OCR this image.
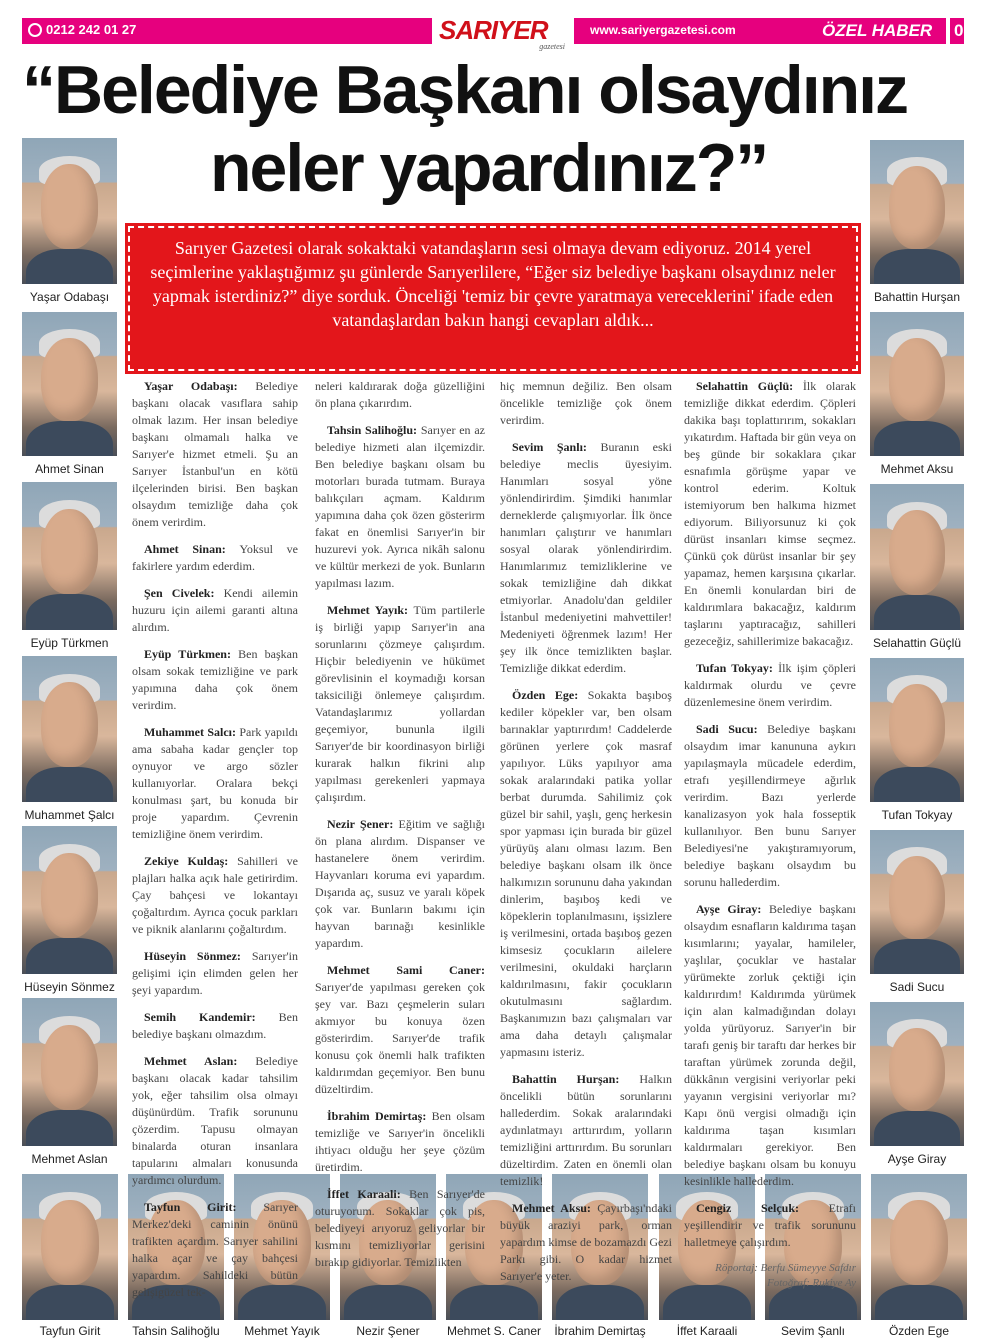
0212 242 01 27	SARIYER
gazetesi
www.sariyergazetesi.com	ÖZEL HABER 03
“Belediye Başkanı olsaydınız
neler yapardınız?”
Sarıyer Gazetesi olarak sokaktaki vatandaşların sesi olmaya devam ediyoruz. 2014 yerel seçimlerine yaklaştığımız şu günlerde Sarıyerlilere, “Eğer siz belediye başkanı olsaydınız neler yapmak isterdiniz?” diye sorduk. Önceliği 'temiz bir çevre yaratmaya vereceklerini' ifade eden vatandaşlardan bakın hangi cevapları aldık...
Yaşar Odabaşı
Ahmet Sinan
Eyüp Türkmen
Muhammet Şalcı
Hüseyin Sönmez
Mehmet Aslan
Bahattin Hurşan
Mehmet Aksu
Selahattin Güçlü
Tufan Tokyay
Sadi Sucu
Ayşe Giray
Tayfun Girit	Tahsin Salihoğlu	Mehmet Yayık	Nezir Şener	Mehmet S. Caner	İbrahim Demirtaş	İffet Karaali	Sevim Şanlı	Özden Ege

Yaşar Odabaşı: Belediye başkanı olacak vasıflara sahip olmak lazım. Her insan belediye başkanı olmamalı halka ve Sarıyer'e hizmet etmeli. Şu an Sarıyer İstanbul'un en kötü ilçelerinden birisi. Ben başkan olsaydım temizliğe daha çok önem verirdim.

Ahmet Sinan: Yoksul ve fakirlere yardım ederdim.

Şen Civelek: Kendi ailemin huzuru için ailemi garanti altına alırdım.

Eyüp Türkmen: Ben başkan olsam sokak temizliğine ve park yapımına daha çok önem verirdim.

Muhammet Salcı: Park yapıldı ama sabaha kadar gençler top oynuyor ve argo sözler kullanıyorlar. Oralara bekçi konulması şart, bu konuda bir proje yapardım. Çevrenin temizliğine önem verirdim.

Zekiye Kuldaş: Sahilleri ve plajları halka açık hale getirirdim. Çay bahçesi ve lokantayı çoğaltırdım. Ayrıca çocuk parkları ve piknik alanlarını çoğaltırdım.

Hüseyin Sönmez: Sarıyer'in gelişimi için elimden gelen her şeyi yapardım.

Semih Kandemir: Ben belediye başkanı olmazdım.

Mehmet Aslan: Belediye başkanı olacak kadar tahsilim yok, eğer tahsilim olsa olmayı düşünürdüm. Trafik sorununu çözerdim. Tapusu olmayan binalarda oturan insanlara tapularını almaları konusunda yardımcı olurdum.

Tayfun Girit: Sarıyer Merkez'deki caminin önünü trafikten açardım. Sarıyer sahilini halka açar ve çay bahçesi yapardım. Sahildeki bütün gelişigüzel tek-

neleri kaldırarak doğa güzelliğini ön plana çıkarırdım.

Tahsin Salihoğlu: Sarıyer en az belediye hizmeti alan ilçemizdir. Ben belediye başkanı olsam bu motorları burada tutmam. Buraya balıkçıları açmam. Kaldırım yapımına daha çok özen gösterirm fakat en önemlisi Sarıyer'in bir huzurevi yok. Ayrıca nikâh salonu ve kültür merkezi de yok. Bunların yapılması lazım.

Mehmet Yayık: Tüm partilerle iş birliği yapıp Sarıyer'in ana sorunlarını çözmeye çalışırdım. Hiçbir belediyenin ve hükümet görevlisinin el koymadığı korsan taksiciliği önlemeye çalışırdım. Vatandaşlarımız yollardan geçemiyor, bununla ilgili Sarıyer'de bir koordinasyon birliği kurarak halkın fikrini alıp yapılması gerekenleri yapmaya çalışırdım.

Nezir Şener: Eğitim ve sağlığı ön plana alırdım. Dispanser ve hastanelere önem verirdim. Hayvanları koruma evi yapardım. Dışarıda aç, susuz ve yaralı köpek çok var. Bunların bakımı için hayvan barınağı kesinlikle yapardım.

Mehmet Sami Caner: Sarıyer'de yapılması gereken çok şey var. Bazı çeşmelerin suları akmıyor bu konuya özen gösterirdim. Sarıyer'de trafik konusu çok önemli halk trafikten kaldırımdan geçemiyor. Ben bunu düzeltirdim.

İbrahim Demirtaş: Ben olsam temizliğe ve Sarıyer'in öncelikli ihtiyacı olduğu her şeye çözüm üretirdim.

İffet Karaali: Ben Sarıyer'de oturuyorum. Sokaklar çok pis, belediyeyi arıyoruz geliyorlar bir kısmını temizliyorlar gerisini bırakıp gidiyorlar. Temizlikten

hiç memnun değiliz. Ben olsam öncelikle temizliğe çok önem verirdim.

Sevim Şanlı: Buranın eski belediye meclis üyesiyim. Hanımları sosyal yöne yönlendirirdim. Şimdiki hanımlar derneklerde çalışmıyorlar. İlk önce hanımları çalıştırır ve hanımları sosyal olarak yönlendirirdim. Hanımlarımız temizliklerine ve sokak temizliğine dah dikkat etmiyorlar. Anadolu'dan geldiler İstanbul medeniyetini mahvettiler! Medeniyeti öğrenmek lazım! Her şey ilk önce temizlikten başlar. Temizliğe dikkat ederdim.

Özden Ege: Sokakta başıboş kediler köpekler var, ben olsam barınaklar yaptırırdım! Caddelerde görünen yerlere çok masraf yapılıyor. Lüks yapılıyor ama sokak aralarındaki patika yollar berbat durumda. Sahilimiz çok güzel bir sahil, yaşlı, genç herkesin spor yapması için burada bir güzel yürüyüş alanı olması lazım. Ben belediye başkanı olsam ilk önce halkımızın sorununu daha yakından dinlerim, başıboş kedi ve köpeklerin toplanılmasını, işsizlere iş verilmesini, ortada başıboş gezen kimsesiz çocukların ailelere verilmesini, okuldaki harçların kaldırılmasını, fakir çocukların okutulmasını sağlardım. Başkanımızın bazı çalışmaları var ama daha detaylı çalışmalar yapmasını isteriz.

Bahattin Hurşan: Halkın öncelikli bütün sorunlarını hallederdim. Sokak aralarındaki aydınlatmayı arttırırdım, yolların temizliğini arttırırdım. Bu sorunları düzeltirdim. Zaten en önemli olan temizlik!

Mehmet Aksu: Çayırbaşı'ndaki büyük araziyi park, orman yapardım kimse de bozamazdı Gezi Parkı gibi. O kadar hizmet Sarıyer'e yeter.

Selahattin Güçlü: İlk olarak temizliğe dikkat ederdim. Çöpleri dakika başı toplattırırım, sokakları yıkatırdım. Haftada bir gün veya on beş günde bir sokaklara çıkar esnafımla görüşme yapar ve kontrol ederim. Koltuk istemiyorum ben halkıma hizmet ediyorum. Biliyorsunuz ki çok dürüst insanları kimse seçmez. Çünkü çok dürüst insanlar bir şey yapamaz, hemen karşısına çıkarlar. En önemli konulardan biri de kaldırımlara bakacağız, kaldırım taşlarını yaptıracağız, sahilleri gezeceğiz, sahillerimize bakacağız.

Tufan Tokyay: İlk işim çöpleri kaldırmak olurdu ve çevre düzenlemesine önem verirdim.

Sadi Sucu: Belediye başkanı olsaydım imar kanununa aykırı yapılaşmayla mücadele ederdim, etrafı yeşillendirmeye ağırlık verirdim. Bazı yerlerde kanalizasyon yok hala fosseptik kullanılıyor. Ben bunu Sarıyer Belediyesi'ne yakıştıramıyorum, belediye başkanı olsaydım bu sorunu hallederdim.

Ayşe Giray: Belediye başkanı olsaydım esnafların kaldırıma taşan kısımlarını; yayalar, hamileler, yaşlılar, çocuklar ve hastalar yürümekte zorluk çektiği için kaldırırdım! Kaldırımda yürümek için alan kalmadığından dolayı yolda yürüyoruz. Sarıyer'in bir tarafı geniş bir taraftı dar herkes bir taraftan yürümek zorunda değil, dükkânın vergisini veriyorlar peki yayanın vergisini veriyorlar mı? Kapı önü vergisi olmadığı için kaldırıma taşan kısımları kaldırmaları gerekiyor. Ben belediye başkanı olsam bu konuyu kesinlikle hallederdim.

Cengiz Selçuk: Etrafı yeşillendirir ve trafik sorununu halletmeye çalışırdım.

Röportaj: Berfu Sümeyye Safdır
Fotoğraf: Rukiye Ay
